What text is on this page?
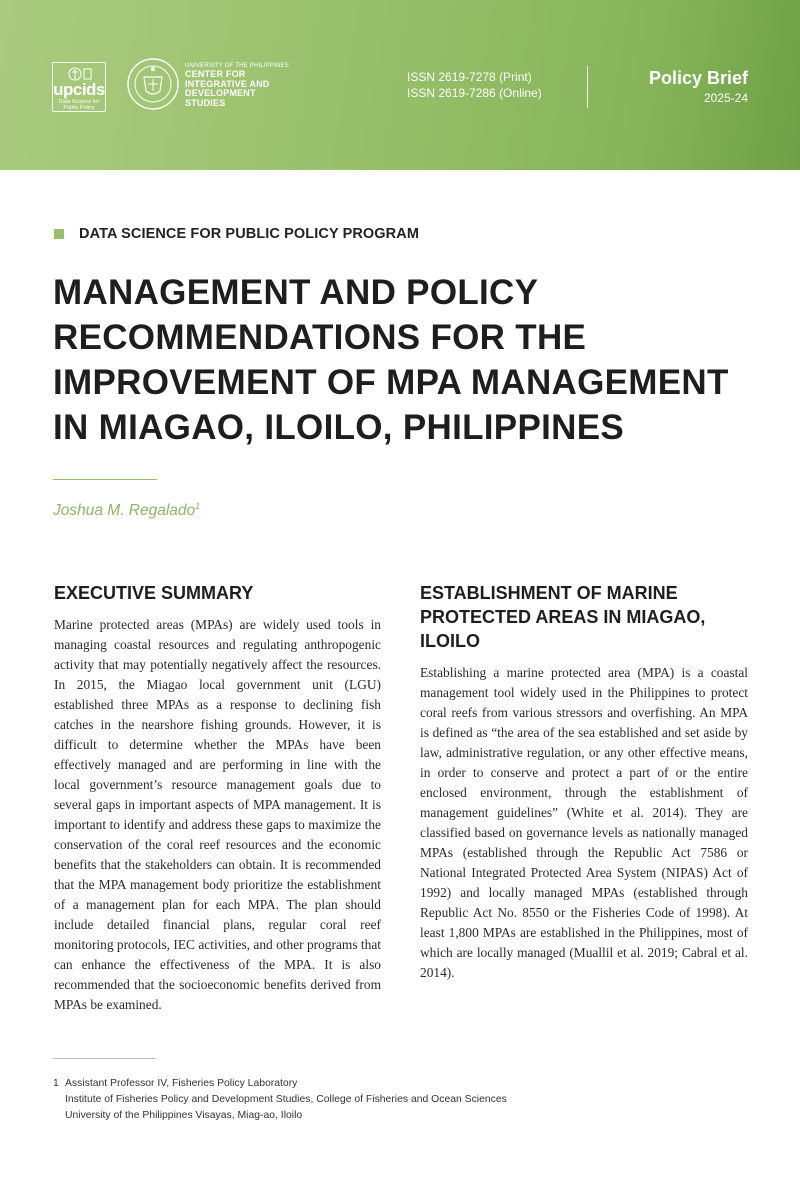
upcids
Data Science for
Public Policy
UNIVERSITY OF THE PHILIPPINES
CENTER FOR
INTEGRATIVE AND
DEVELOPMENT
STUDIES
ISSN 2619-7278 (Print)
ISSN 2619-7286 (Online)
Policy Brief
2025-24
DATA SCIENCE FOR PUBLIC POLICY PROGRAM
MANAGEMENT AND POLICY RECOMMENDATIONS FOR THE IMPROVEMENT OF MPA MANAGEMENT IN MIAGAO, ILOILO, PHILIPPINES
Joshua M. Regalado$^1$
EXECUTIVE SUMMARY

Marine protected areas (MPAs) are widely used tools in managing coastal resources and regulating anthropogenic activity that may potentially negatively affect the resources. In 2015, the Miagao local government unit (LGU) established three MPAs as a response to declining fish catches in the nearshore fishing grounds. However, it is difficult to determine whether the MPAs have been effectively managed and are performing in line with the local government’s resource management goals due to several gaps in important aspects of MPA management. It is important to identify and address these gaps to maximize the conservation of the coral reef resources and the economic benefits that the stakeholders can obtain. It is recommended that the MPA management body prioritize the establishment of a management plan for each MPA. The plan should include detailed financial plans, regular coral reef monitoring protocols, IEC activities, and other programs that can enhance the effectiveness of the MPA. It is also recommended that the socioeconomic benefits derived from MPAs be examined.

ESTABLISHMENT OF MARINE PROTECTED AREAS IN MIAGAO, ILOILO

Establishing a marine protected area (MPA) is a coastal management tool widely used in the Philippines to protect coral reefs from various stressors and overfishing. An MPA is defined as “the area of the sea established and set aside by law, administrative regulation, or any other effective means, in order to conserve and protect a part of or the entire enclosed environment, through the establishment of management guidelines” (White et al. 2014). They are classified based on governance levels as nationally managed MPAs (established through the Republic Act 7586 or National Integrated Protected Area System (NIPAS) Act of 1992) and locally managed MPAs (established through Republic Act No. 8550 or the Fisheries Code of 1998). At least 1,800 MPAs are established in the Philippines, most of which are locally managed (Muallil et al. 2019; Cabral et al. 2014).

1 Assistant Professor IV, Fisheries Policy Laboratory
Institute of Fisheries Policy and Development Studies, College of Fisheries and Ocean Sciences
University of the Philippines Visayas, Miag-ao, Iloilo
